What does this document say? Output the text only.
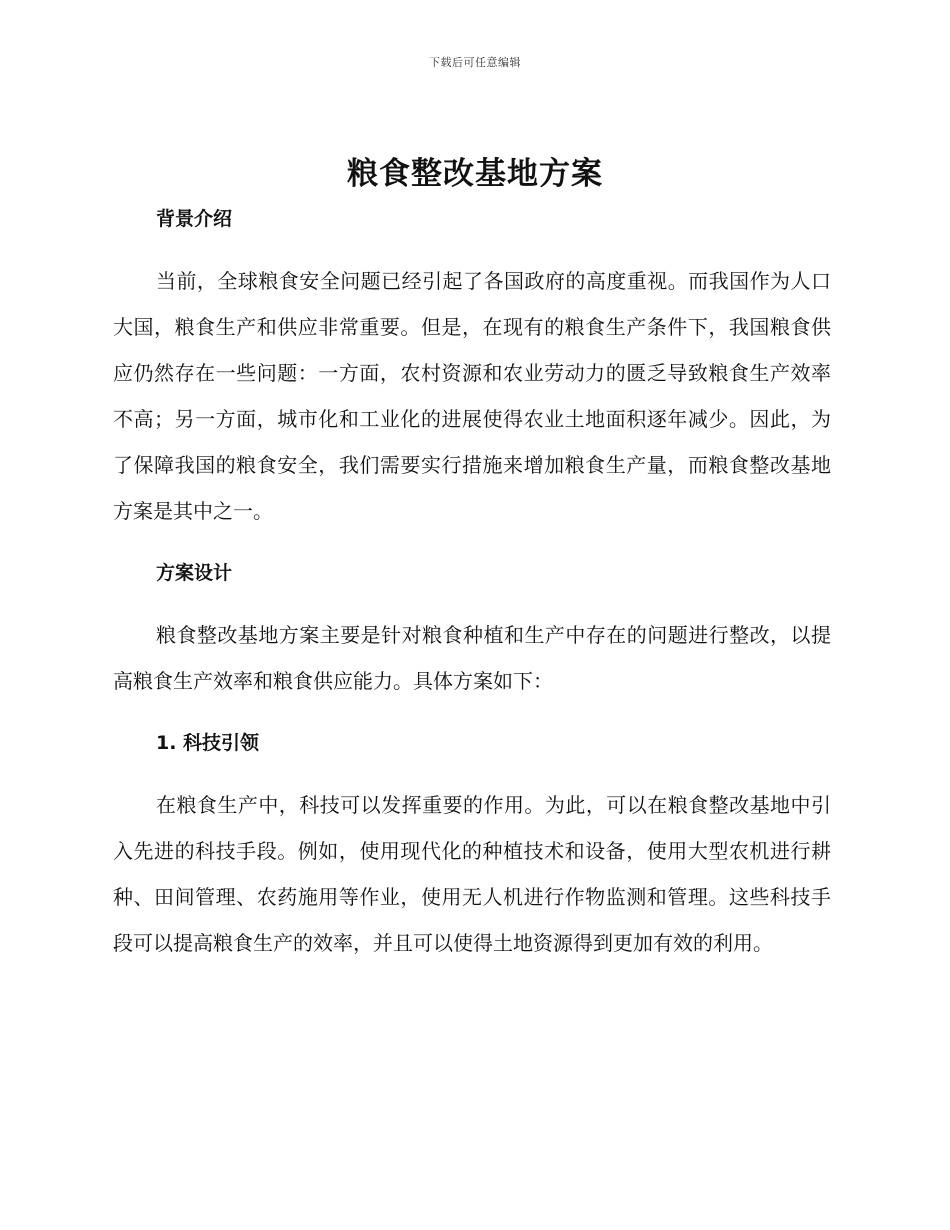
下载后可任意编辑
粮食整改基地方案
背景介绍

当前，全球粮食安全问题已经引起了各国政府的高度重视。而我国作为人口大国，粮食生产和供应非常重要。但是，在现有的粮食生产条件下，我国粮食供应仍然存在一些问题：一方面，农村资源和农业劳动力的匮乏导致粮食生产效率不高；另一方面，城市化和工业化的进展使得农业土地面积逐年减少。因此，为了保障我国的粮食安全，我们需要实行措施来增加粮食生产量，而粮食整改基地方案是其中之一。

方案设计

粮食整改基地方案主要是针对粮食种植和生产中存在的问题进行整改，以提高粮食生产效率和粮食供应能力。具体方案如下：

1. 科技引领

在粮食生产中，科技可以发挥重要的作用。为此，可以在粮食整改基地中引入先进的科技手段。例如，使用现代化的种植技术和设备，使用大型农机进行耕种、田间管理、农药施用等作业，使用无人机进行作物监测和管理。这些科技手段可以提高粮食生产的效率，并且可以使得土地资源得到更加有效的利用。
